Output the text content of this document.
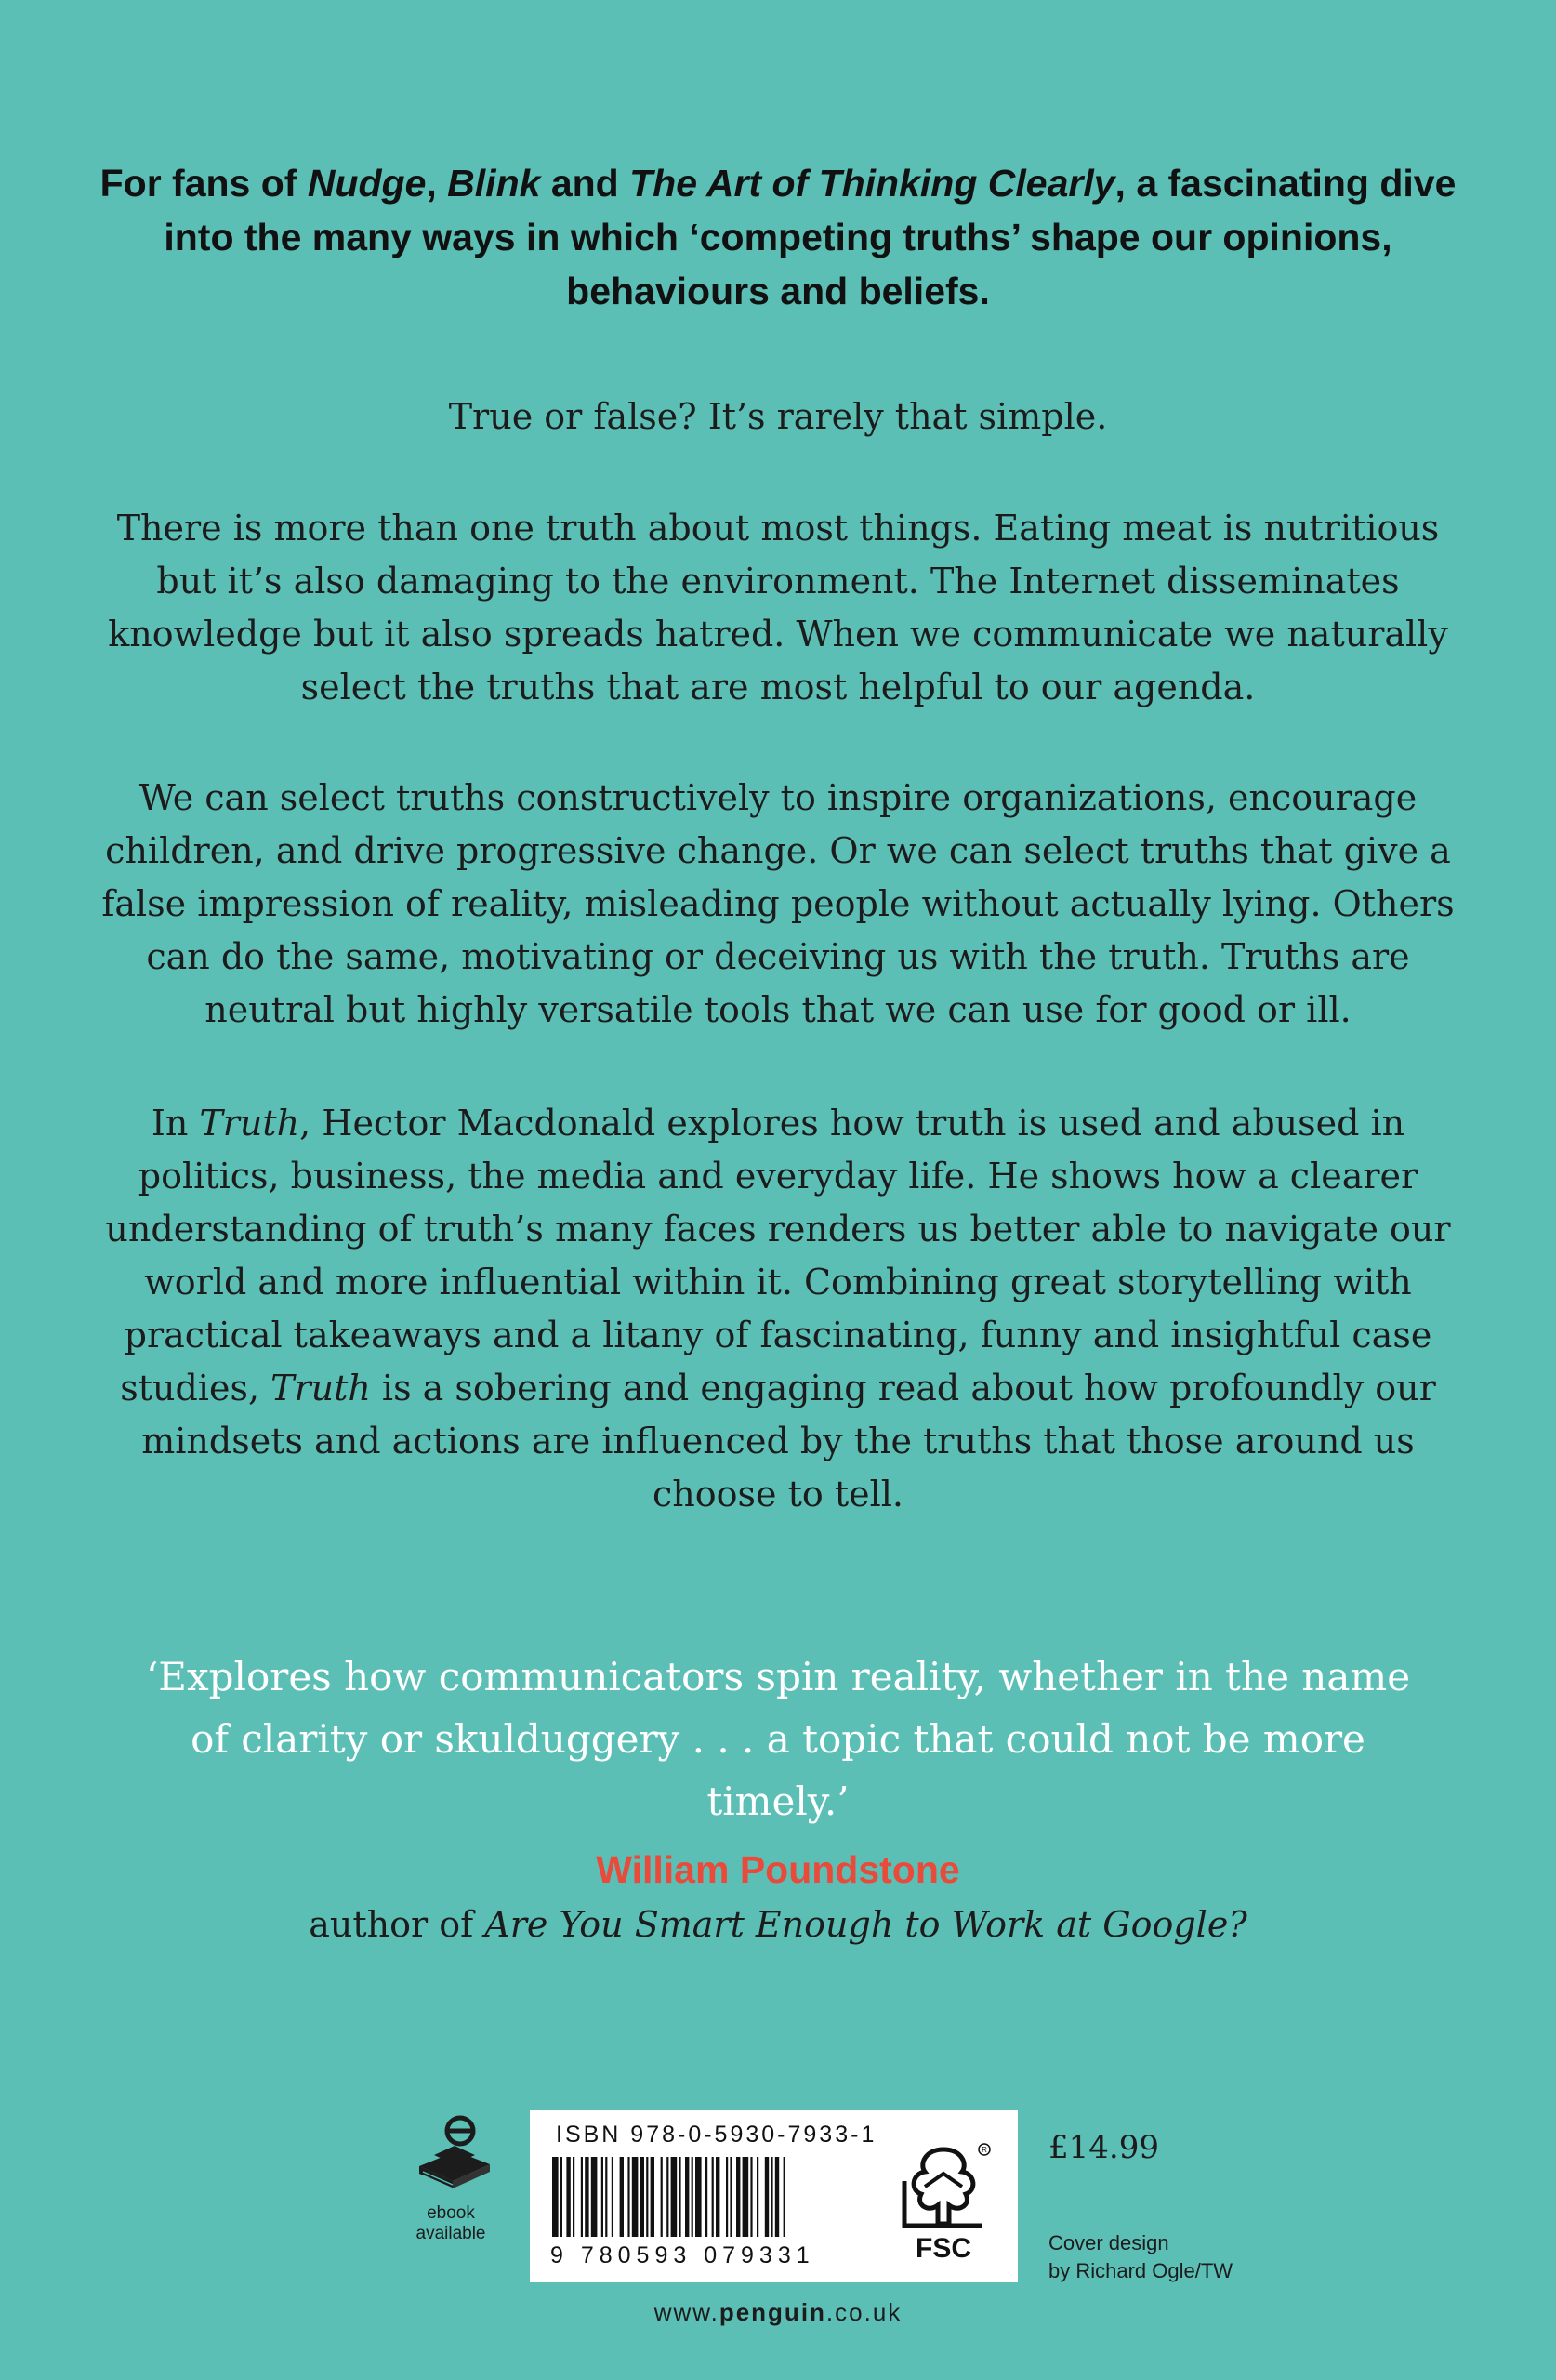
For fans of Nudge, Blink and The Art of Thinking Clearly, a fascinating dive into the many ways in which ‘competing truths’ shape our opinions, behaviours and beliefs.

True or false? It’s rarely that simple.

There is more than one truth about most things. Eating meat is nutritious but it’s also damaging to the environment. The Internet disseminates knowledge but it also spreads hatred. When we communicate we naturally select the truths that are most helpful to our agenda.

We can select truths constructively to inspire organizations, encourage children, and drive progressive change. Or we can select truths that give a false impression of reality, misleading people without actually lying. Others can do the same, motivating or deceiving us with the truth. Truths are neutral but highly versatile tools that we can use for good or ill.

In Truth, Hector Macdonald explores how truth is used and abused in politics, business, the media and everyday life. He shows how a clearer understanding of truth’s many faces renders us better able to navigate our world and more influential within it. Combining great storytelling with practical takeaways and a litany of fascinating, funny and insightful case studies, Truth is a sobering and engaging read about how profoundly our mindsets and actions are influenced by the truths that those around us choose to tell.

‘Explores how communicators spin reality, whether in the name of clarity or skulduggery . . . a topic that could not be more timely.’
William Poundstone
author of Are You Smart Enough to Work at Google?
ebook
available
ISBN 978-0-5930-7933-1
9 780593 079331
R
FSC
£14.99
Cover design
by Richard Ogle/TW
www.penguin.co.uk
